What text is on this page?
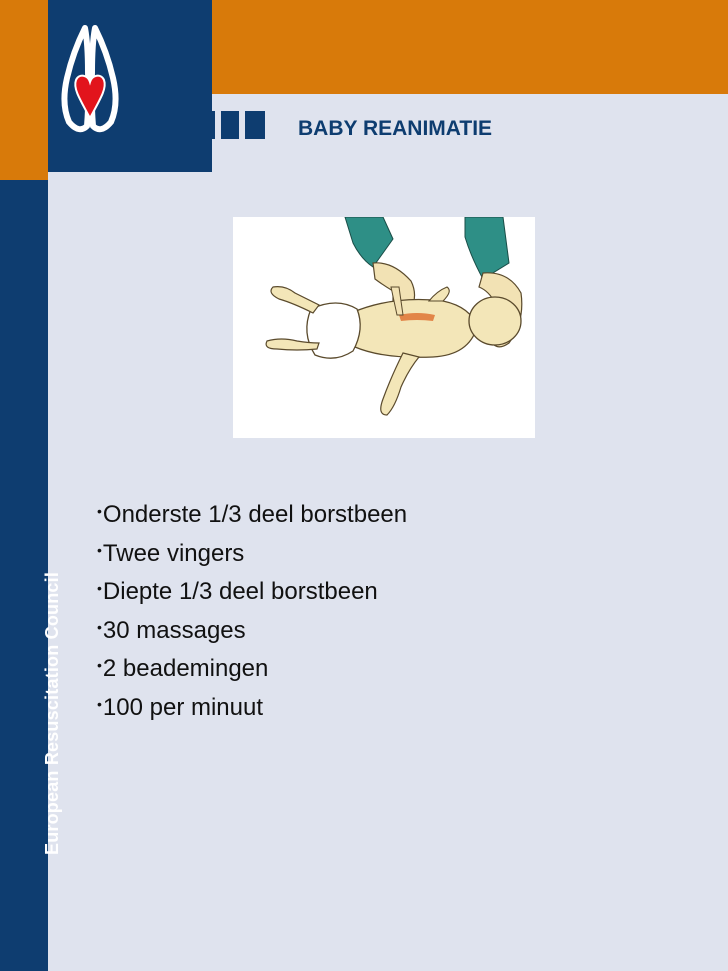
European Resuscitation Council
BABY REANIMATIE
•Onderste 1/3 deel borstbeen
•Twee vingers
•Diepte 1/3 deel borstbeen
•30 massages
•2 beademingen
•100 per minuut
